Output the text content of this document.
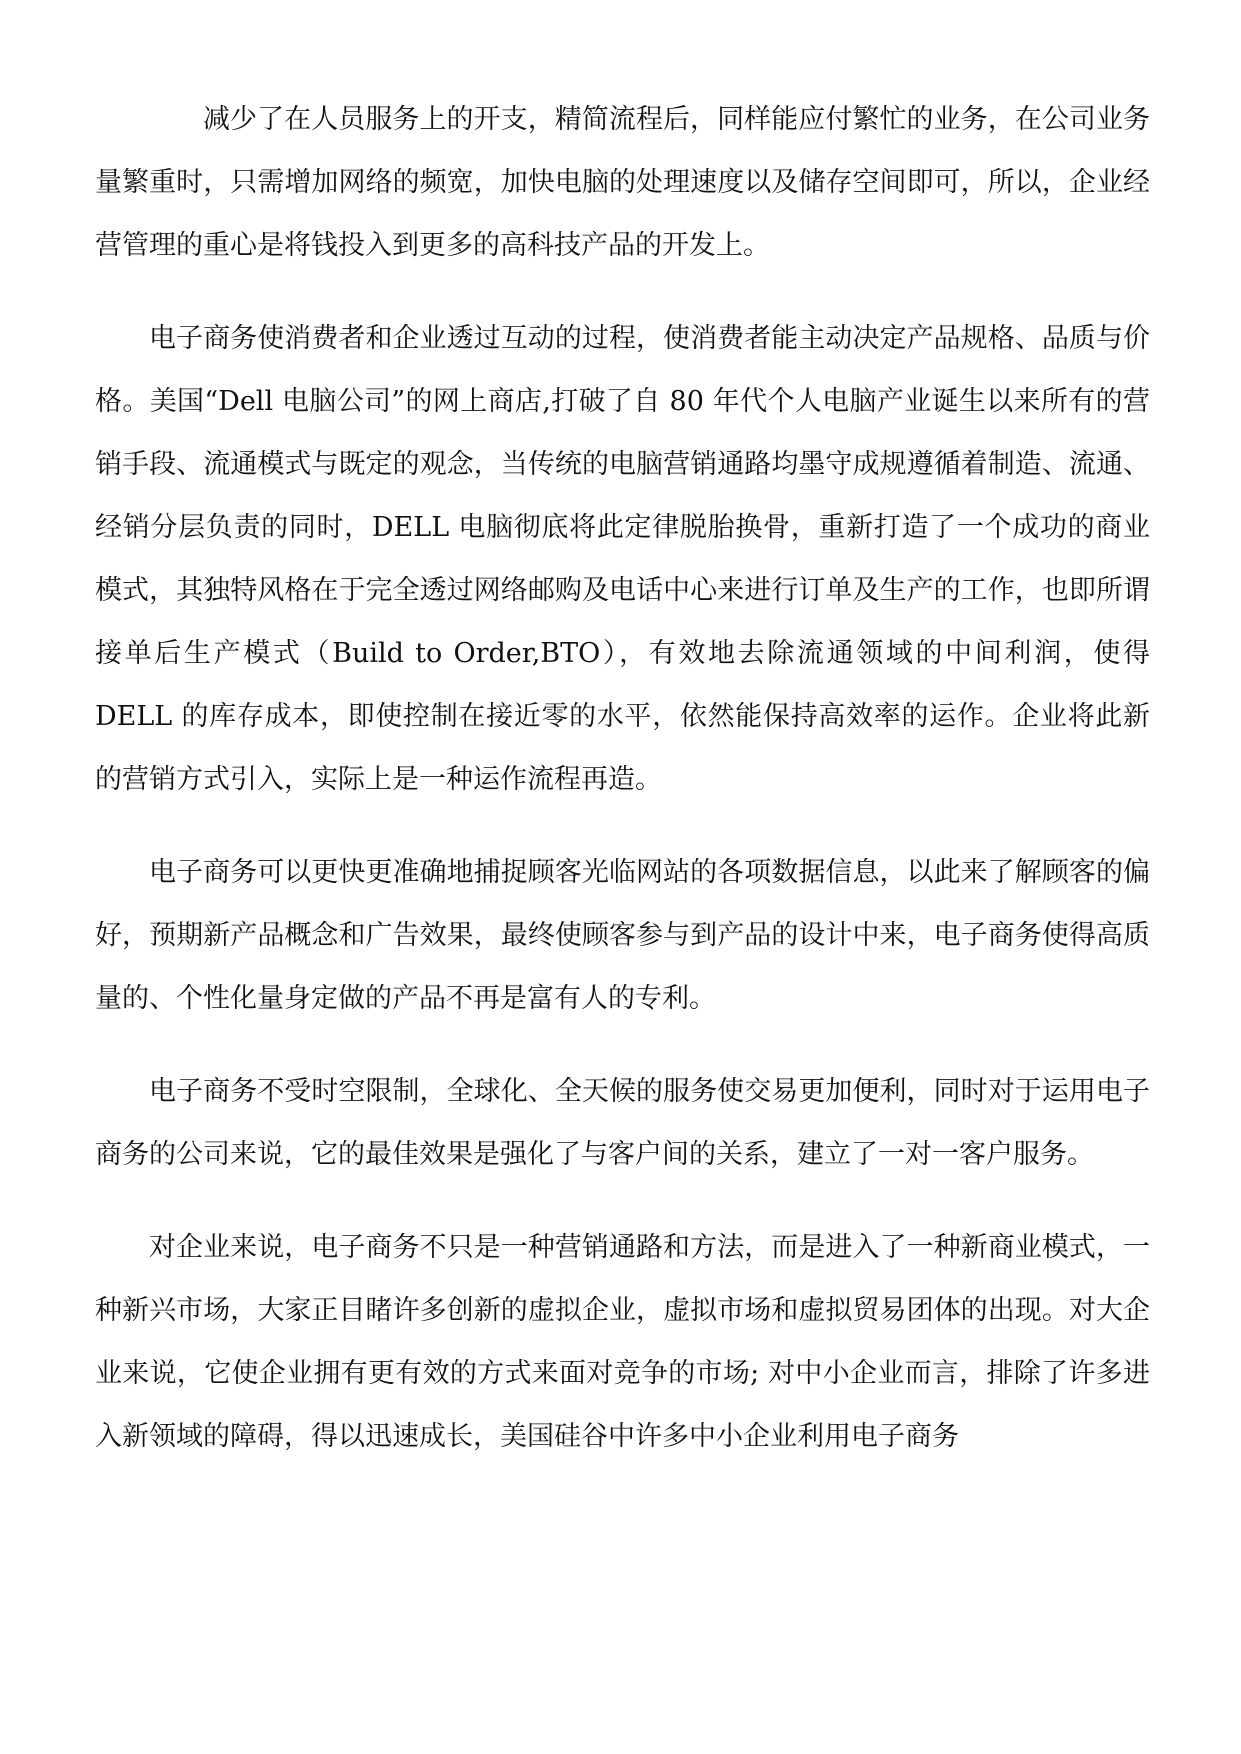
减少了在人员服务上的开支，精简流程后，同样能应付繁忙的业务，在公司业务量繁重时，只需增加网络的频宽，加快电脑的处理速度以及储存空间即可，所以，企业经营管理的重心是将钱投入到更多的高科技产品的开发上。

电子商务使消费者和企业透过互动的过程，使消费者能主动决定产品规格、品质与价格。美国“Dell 电脑公司”的网上商店,打破了自 80 年代个人电脑产业诞生以来所有的营销手段、流通模式与既定的观念，当传统的电脑营销通路均墨守成规遵循着制造、流通、经销分层负责的同时，DELL 电脑彻底将此定律脱胎换骨，重新打造了一个成功的商业模式，其独特风格在于完全透过网络邮购及电话中心来进行订单及生产的工作，也即所谓接单后生产模式（Build to Order,BTO），有效地去除流通领域的中间利润，使得 DELL 的库存成本，即使控制在接近零的水平，依然能保持高效率的运作。企业将此新的营销方式引入，实际上是一种运作流程再造。

电子商务可以更快更准确地捕捉顾客光临网站的各项数据信息，以此来了解顾客的偏好，预期新产品概念和广告效果，最终使顾客参与到产品的设计中来，电子商务使得高质量的、个性化量身定做的产品不再是富有人的专利。

电子商务不受时空限制，全球化、全天候的服务使交易更加便利，同时对于运用电子商务的公司来说，它的最佳效果是强化了与客户间的关系，建立了一对一客户服务。

对企业来说，电子商务不只是一种营销通路和方法，而是进入了一种新商业模式，一种新兴市场，大家正目睹许多创新的虚拟企业，虚拟市场和虚拟贸易团体的出现。对大企业来说，它使企业拥有更有效的方式来面对竞争的市场; 对中小企业而言，排除了许多进入新领域的障碍，得以迅速成长，美国硅谷中许多中小企业利用电子商务
